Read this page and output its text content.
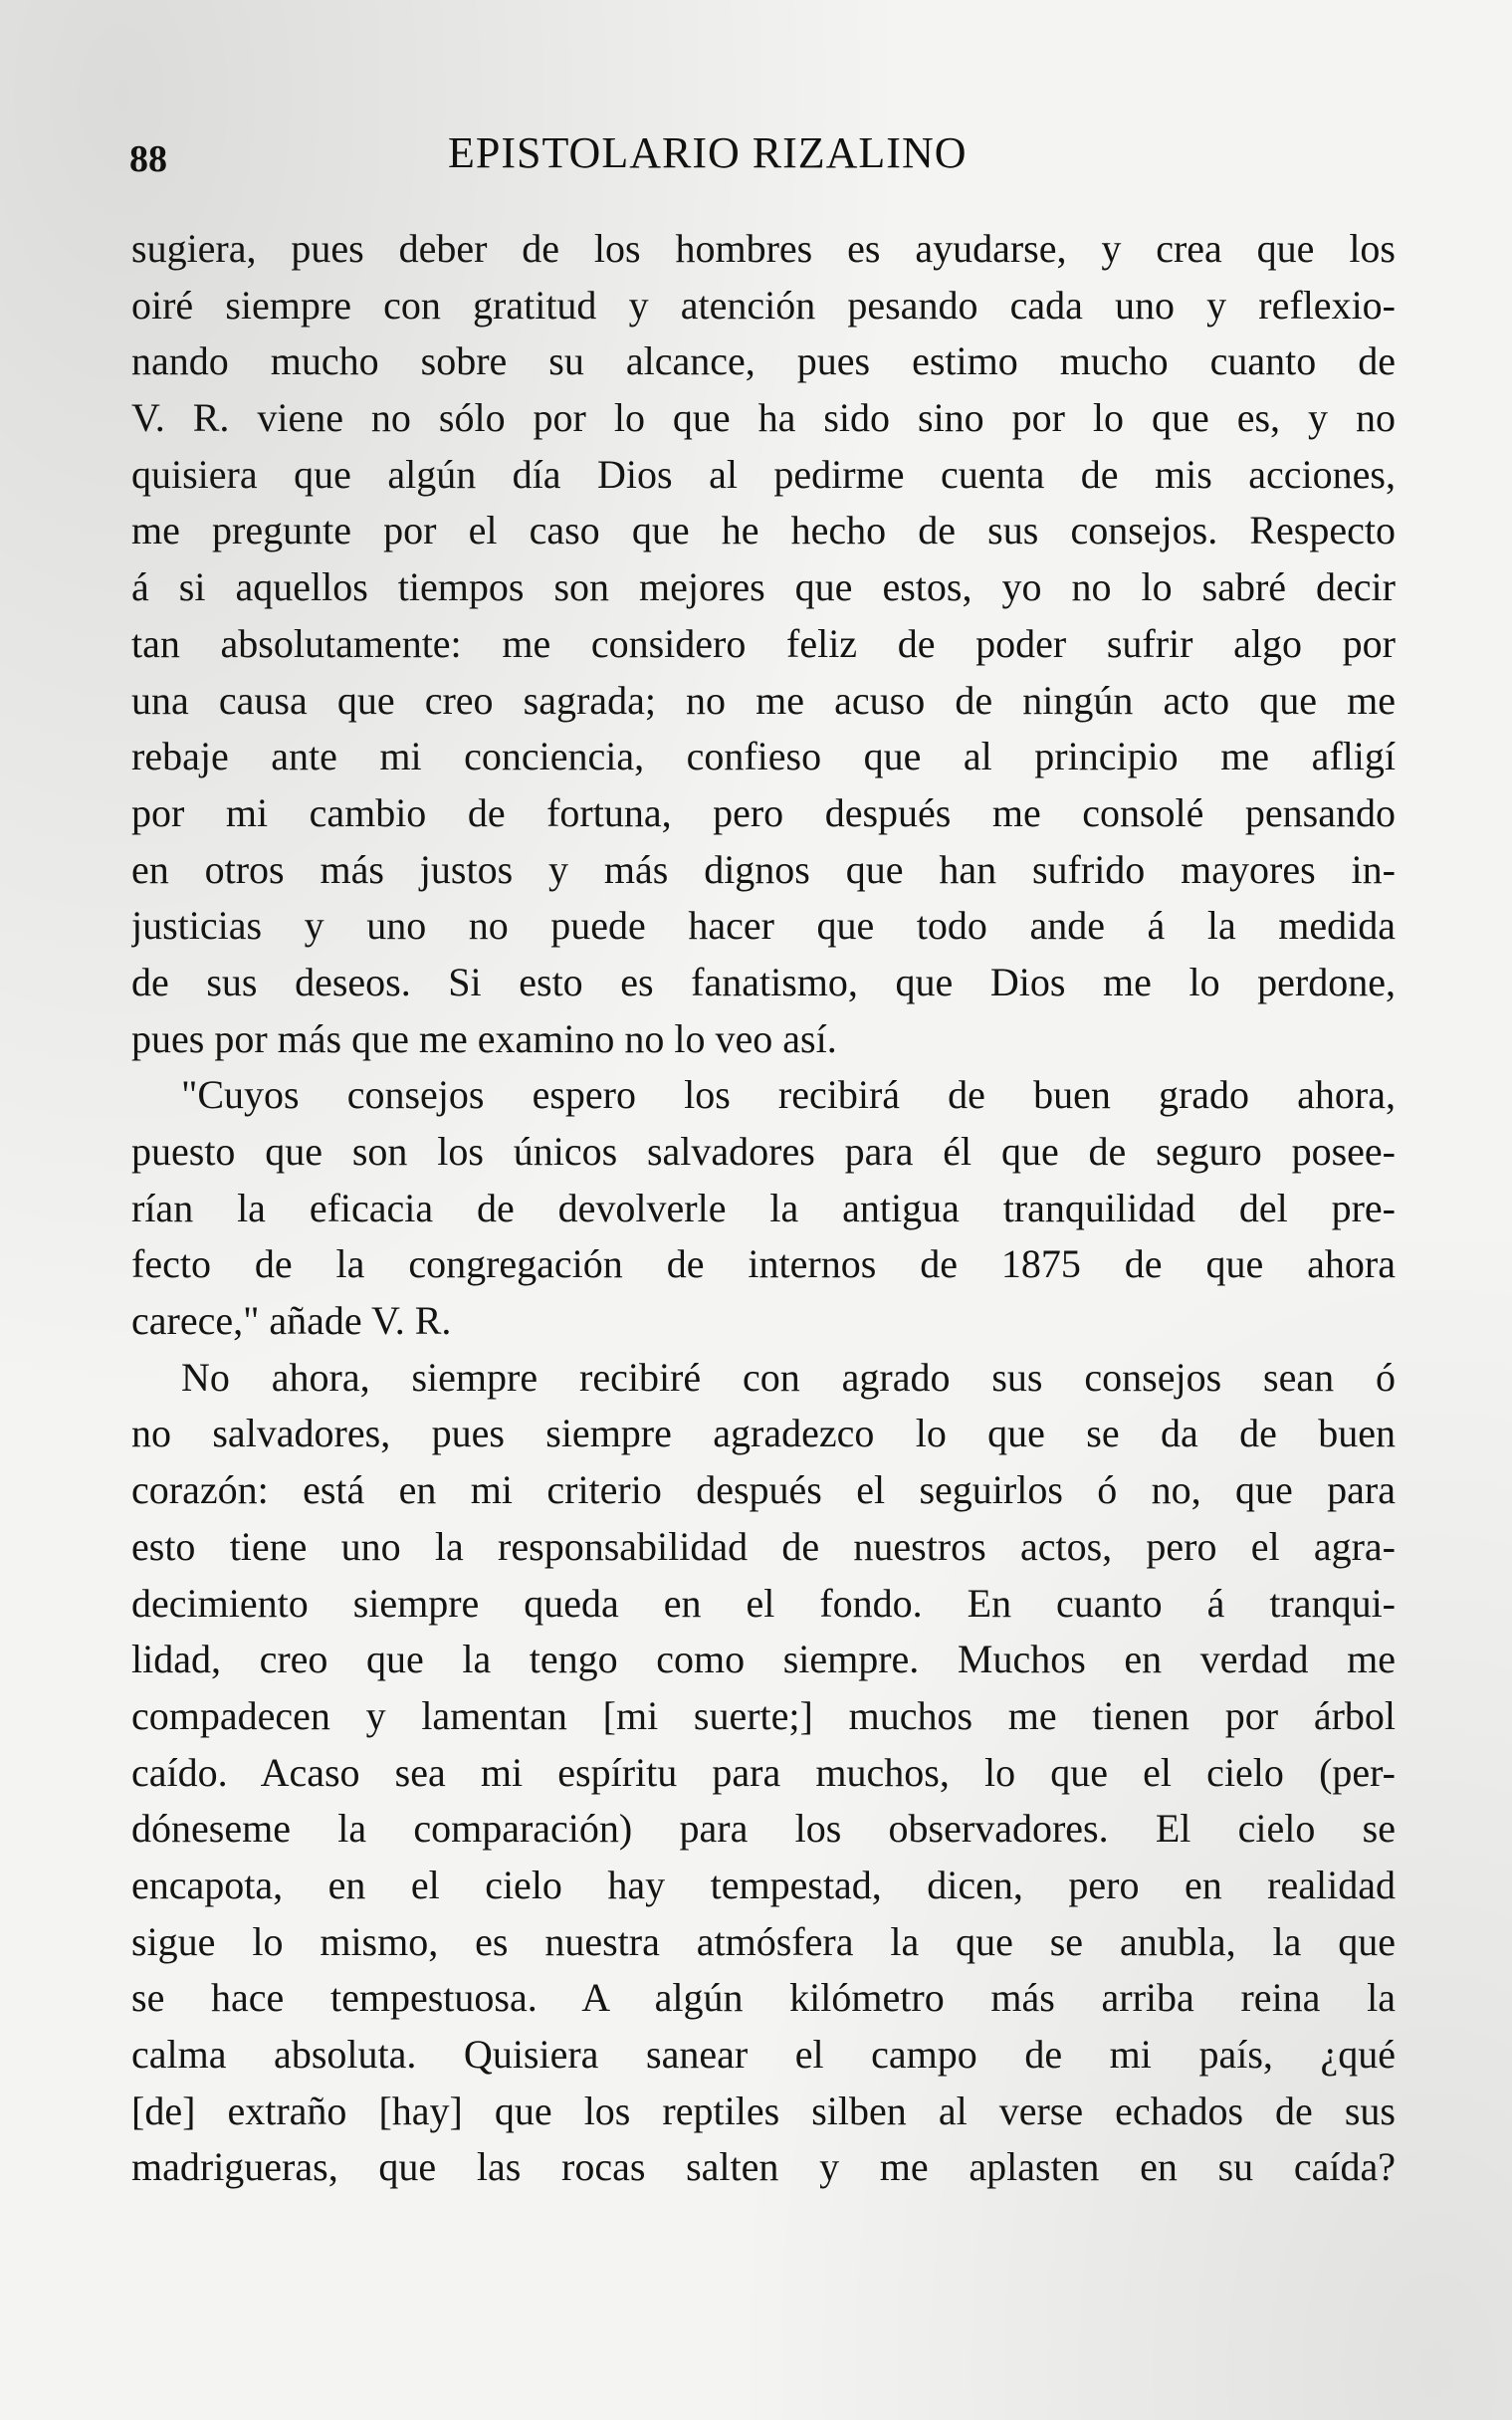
88	EPISTOLARIO RIZALINO
sugiera, pues deber de los hombres es ayudarse, y crea que los
oiré siempre con gratitud y atención pesando cada uno y reflexio-
nando mucho sobre su alcance, pues estimo mucho cuanto de
V. R. viene no sólo por lo que ha sido sino por lo que es, y no
quisiera que algún día Dios al pedirme cuenta de mis acciones,
me pregunte por el caso que he hecho de sus consejos. Respecto
á si aquellos tiempos son mejores que estos, yo no lo sabré decir
tan absolutamente: me considero feliz de poder sufrir algo por
una causa que creo sagrada; no me acuso de ningún acto que me
rebaje ante mi conciencia, confieso que al principio me afligí
por mi cambio de fortuna, pero después me consolé pensando
en otros más justos y más dignos que han sufrido mayores in-
justicias y uno no puede hacer que todo ande á la medida
de sus deseos. Si esto es fanatismo, que Dios me lo perdone,
pues por más que me examino no lo veo así.
"Cuyos consejos espero los recibirá de buen grado ahora,
puesto que son los únicos salvadores para él que de seguro posee-
rían la eficacia de devolverle la antigua tranquilidad del pre-
fecto de la congregación de internos de 1875 de que ahora
carece," añade V. R.
No ahora, siempre recibiré con agrado sus consejos sean ó
no salvadores, pues siempre agradezco lo que se da de buen
corazón: está en mi criterio después el seguirlos ó no, que para
esto tiene uno la responsabilidad de nuestros actos, pero el agra-
decimiento siempre queda en el fondo. En cuanto á tranqui-
lidad, creo que la tengo como siempre. Muchos en verdad me
compadecen y lamentan [mi suerte;] muchos me tienen por árbol
caído. Acaso sea mi espíritu para muchos, lo que el cielo (per-
dóneseme la comparación) para los observadores. El cielo se
encapota, en el cielo hay tempestad, dicen, pero en realidad
sigue lo mismo, es nuestra atmósfera la que se anubla, la que
se hace tempestuosa. A algún kilómetro más arriba reina la
calma absoluta. Quisiera sanear el campo de mi país, ¿qué
[de] extraño [hay] que los reptiles silben al verse echados de sus
madrigueras, que las rocas salten y me aplasten en su caída?
